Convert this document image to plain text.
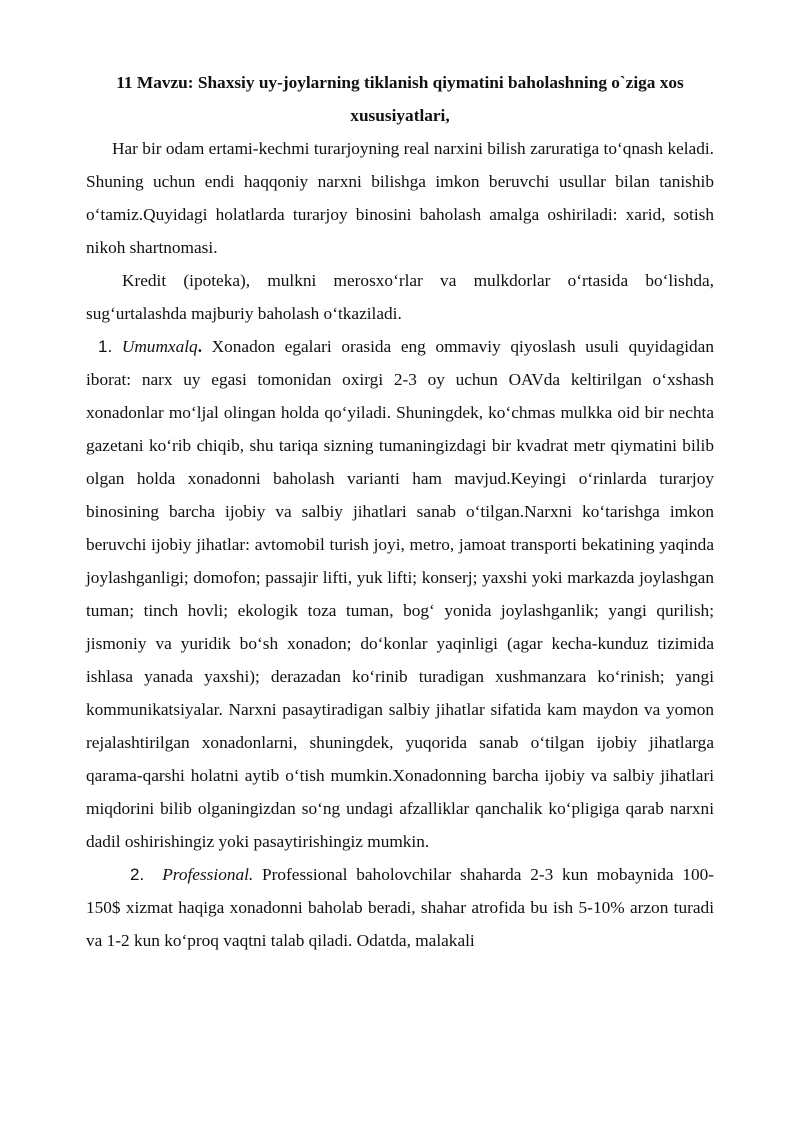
11 Mavzu: Shaxsiy uy-joylarning tiklanish qiymatini baholashning o`ziga xos xususiyatlari,

Har bir odam ertami-kechmi turarjoyning real narxini bilish zaruratiga to‘qnash keladi. Shuning uchun endi haqqoniy narxni bilishga imkon beruvchi usullar bilan tanishib o‘tamiz.Quyidagi holatlarda turarjoy binosini baholash amalga oshiriladi: xarid, sotish nikoh shartnomasi.

Kredit (ipoteka), mulkni merosxo‘rlar va mulkdorlar o‘rtasida bo‘lishda, sug‘urtalashda majburiy baholash o‘tkaziladi.

1. Umumxalq. Xonadon egalari orasida eng ommaviy qiyoslash usuli quyidagidan iborat: narx uy egasi tomonidan oxirgi 2-3 oy uchun OAVda keltirilgan o‘xshash xonadonlar mo‘ljal olingan holda qo‘yiladi. Shuningdek, ko‘chmas mulkka oid bir nechta gazetani ko‘rib chiqib, shu tariqa sizning tumaningizdagi bir kvadrat metr qiymatini bilib olgan holda xonadonni baholash varianti ham mavjud.Keyingi o‘rinlarda turarjoy binosining barcha ijobiy va salbiy jihatlari sanab o‘tilgan.Narxni ko‘tarishga imkon beruvchi ijobiy jihatlar: avtomobil turish joyi, metro, jamoat transporti bekatining yaqinda joylashganligi; domofon; passajir lifti, yuk lifti; konserj; yaxshi yoki markazda joylashgan tuman; tinch hovli; ekologik toza tuman, bog‘ yonida joylashganlik; yangi qurilish; jismoniy va yuridik bo‘sh xonadon; do‘konlar yaqinligi (agar kecha-kunduz tizimida ishlasa yanada yaxshi); derazadan ko‘rinib turadigan xushmanzara ko‘rinish; yangi kommunikatsiyalar. Narxni pasaytiradigan salbiy jihatlar sifatida kam maydon va yomon rejalashtirilgan xonadonlarni, shuningdek, yuqorida sanab o‘tilgan ijobiy jihatlarga qarama-qarshi holatni aytib o‘tish mumkin.Xonadonning barcha ijobiy va salbiy jihatlari miqdorini bilib olganingizdan so‘ng undagi afzalliklar qanchalik ko‘pligiga qarab narxni dadil oshirishingiz yoki pasaytirishingiz mumkin.

2. Professional. Professional baholovchilar shaharda 2-3 kun mobaynida 100-150$ xizmat haqiga xonadonni baholab beradi, shahar atrofida bu ish 5-10% arzon turadi va 1-2 kun ko‘proq vaqtni talab qiladi. Odatda, malakali
